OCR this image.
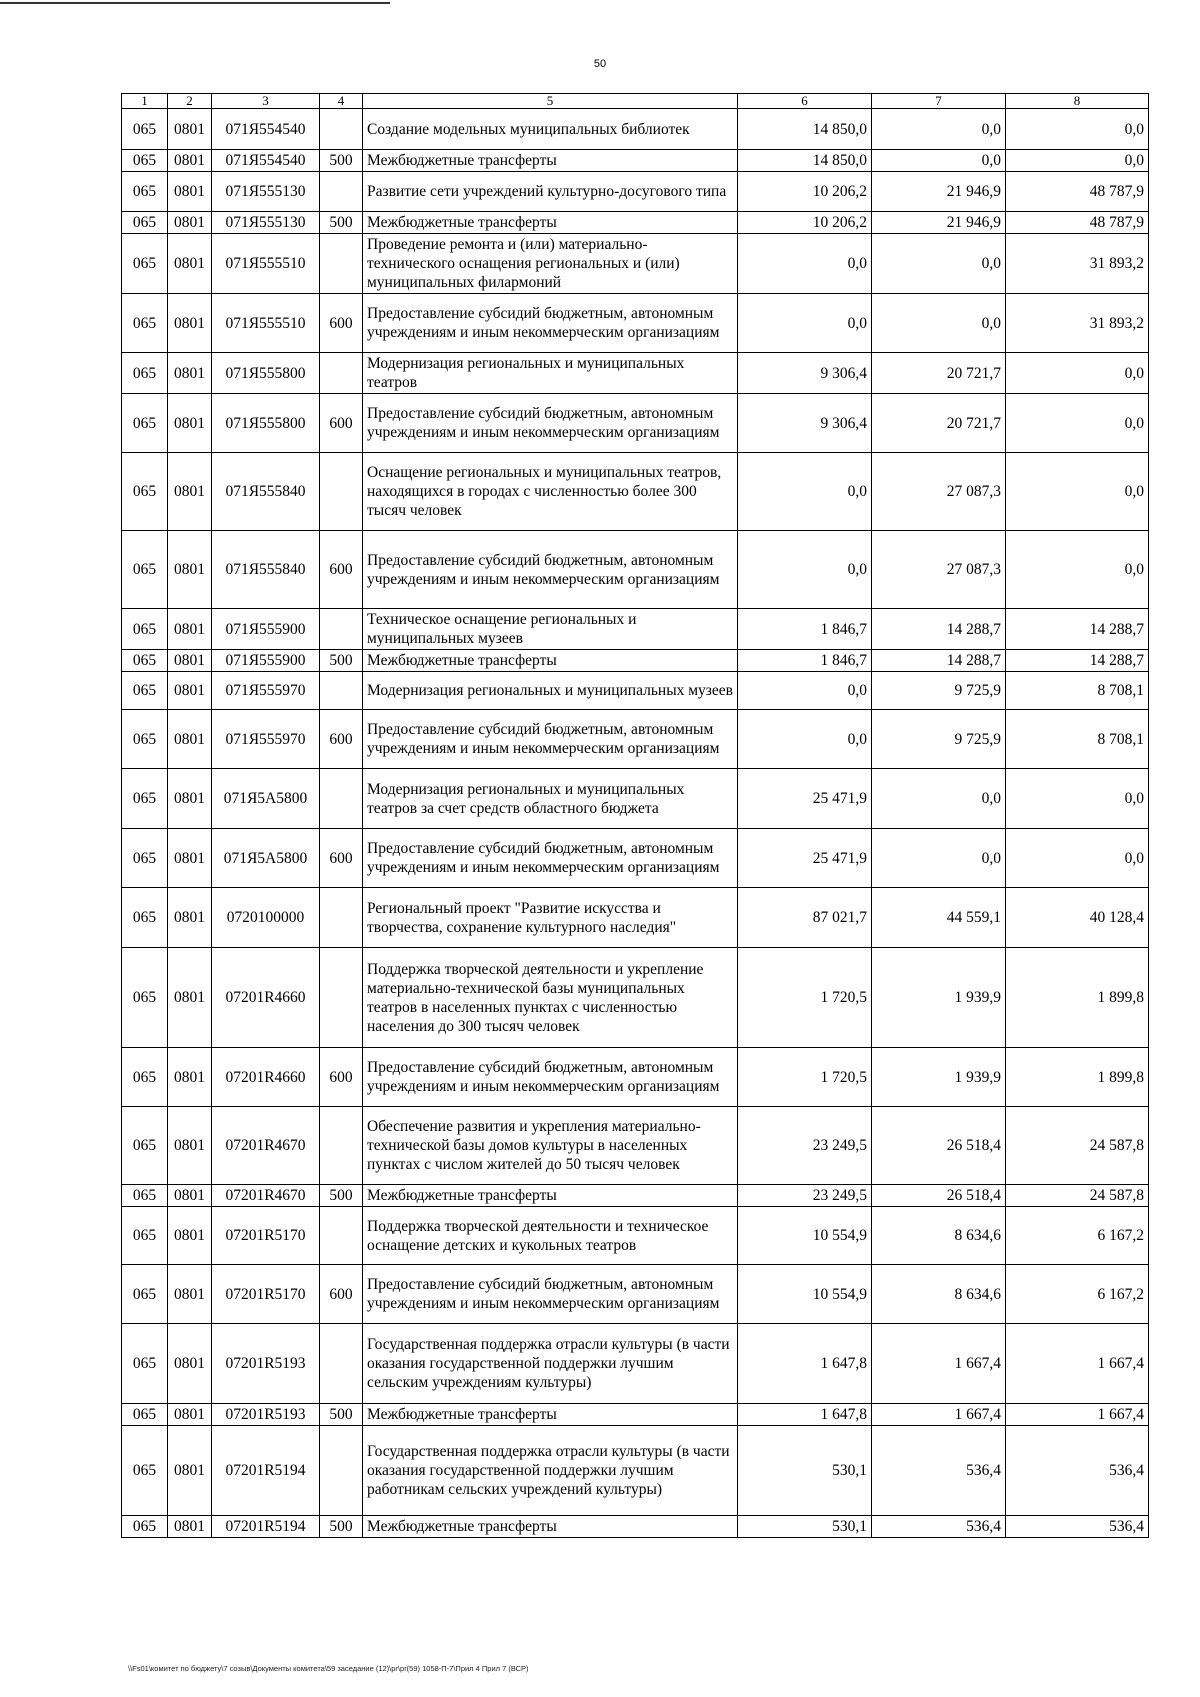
50
1	2	3	4	5	6	7	8
065	0801	071Я554540		Создание модельных муниципальных библиотек	14 850,0	0,0	0,0
065	0801	071Я554540	500	Межбюджетные трансферты	14 850,0	0,0	0,0
065	0801	071Я555130		Развитие сети учреждений культурно-досугового типа	10 206,2	21 946,9	48 787,9
065	0801	071Я555130	500	Межбюджетные трансферты	10 206,2	21 946,9	48 787,9
065	0801	071Я555510		Проведение ремонта и (или) материально-технического оснащения региональных и (или) муниципальных филармоний	0,0	0,0	31 893,2
065	0801	071Я555510	600	Предоставление субсидий бюджетным, автономным учреждениям и иным некоммерческим организациям	0,0	0,0	31 893,2
065	0801	071Я555800		Модернизация региональных и муниципальных театров	9 306,4	20 721,7	0,0
065	0801	071Я555800	600	Предоставление субсидий бюджетным, автономным учреждениям и иным некоммерческим организациям	9 306,4	20 721,7	0,0
065	0801	071Я555840		Оснащение региональных и муниципальных театров, находящихся в городах с численностью более 300 тысяч человек	0,0	27 087,3	0,0
065	0801	071Я555840	600	Предоставление субсидий бюджетным, автономным учреждениям и иным некоммерческим организациям	0,0	27 087,3	0,0
065	0801	071Я555900		Техническое оснащение региональных и муниципальных музеев	1 846,7	14 288,7	14 288,7
065	0801	071Я555900	500	Межбюджетные трансферты	1 846,7	14 288,7	14 288,7
065	0801	071Я555970		Модернизация региональных и муниципальных музеев	0,0	9 725,9	8 708,1
065	0801	071Я555970	600	Предоставление субсидий бюджетным, автономным учреждениям и иным некоммерческим организациям	0,0	9 725,9	8 708,1
065	0801	071Я5А5800		Модернизация региональных и муниципальных театров за счет средств областного бюджета	25 471,9	0,0	0,0
065	0801	071Я5А5800	600	Предоставление субсидий бюджетным, автономным учреждениям и иным некоммерческим организациям	25 471,9	0,0	0,0
065	0801	0720100000		Региональный проект "Развитие искусства и творчества, сохранение культурного наследия"	87 021,7	44 559,1	40 128,4
065	0801	07201R4660		Поддержка творческой деятельности и укрепление материально-технической базы муниципальных театров в населенных пунктах с численностью населения до 300 тысяч человек	1 720,5	1 939,9	1 899,8
065	0801	07201R4660	600	Предоставление субсидий бюджетным, автономным учреждениям и иным некоммерческим организациям	1 720,5	1 939,9	1 899,8
065	0801	07201R4670		Обеспечение развития и укрепления материально-технической базы домов культуры в населенных пунктах с числом жителей до 50 тысяч человек	23 249,5	26 518,4	24 587,8
065	0801	07201R4670	500	Межбюджетные трансферты	23 249,5	26 518,4	24 587,8
065	0801	07201R5170		Поддержка творческой деятельности и техническое оснащение детских и кукольных театров	10 554,9	8 634,6	6 167,2
065	0801	07201R5170	600	Предоставление субсидий бюджетным, автономным учреждениям и иным некоммерческим организациям	10 554,9	8 634,6	6 167,2
065	0801	07201R5193		Государственная поддержка отрасли культуры (в части оказания государственной поддержки лучшим сельским учреждениям культуры)	1 647,8	1 667,4	1 667,4
065	0801	07201R5193	500	Межбюджетные трансферты	1 647,8	1 667,4	1 667,4
065	0801	07201R5194		Государственная поддержка отрасли культуры (в части оказания государственной поддержки лучшим работникам сельских учреждений культуры)	530,1	536,4	536,4
065	0801	07201R5194	500	Межбюджетные трансферты	530,1	536,4	536,4
\\Fs01\комитет по бюджету\7 созыв\Документы комитета\59 заседание (12)\pr\pr(59) 1058-П-7\Прил 4 Прил 7 (ВСР)
